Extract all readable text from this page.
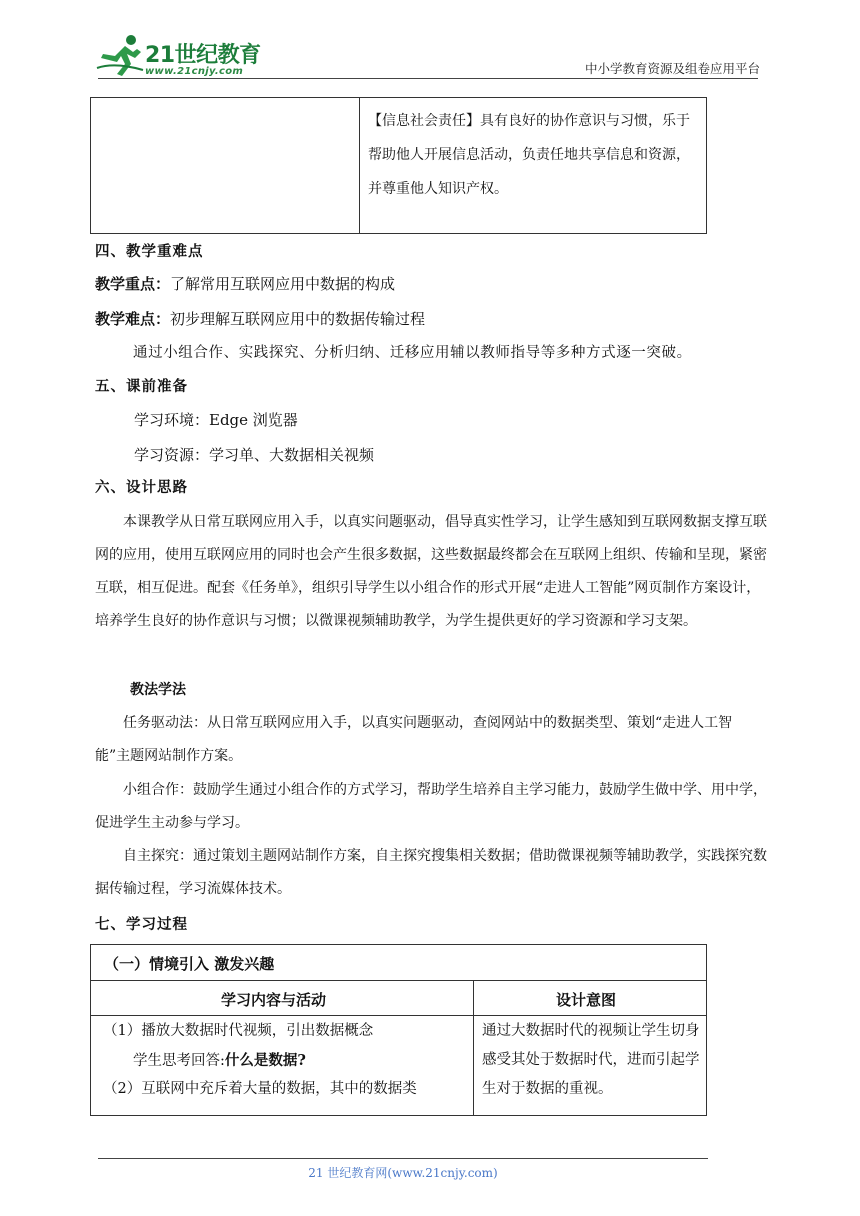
21世纪教育
www.21cnjy.com	中小学教育资源及组卷应用平台
【信息社会责任】具有良好的协作意识与习惯，乐于帮助他人开展信息活动，负责任地共享信息和资源，并尊重他人知识产权。
四、教学重难点
教学重点：了解常用互联网应用中数据的构成
教学难点：初步理解互联网应用中的数据传输过程
通过小组合作、实践探究、分析归纳、迁移应用辅以教师指导等多种方式逐一突破。
五、课前准备
学习环境：Edge 浏览器
学习资源：学习单、大数据相关视频
六、设计思路
本课教学从日常互联网应用入手，以真实问题驱动，倡导真实性学习，让学生感知到互联网数据支撑互联网的应用，使用互联网应用的同时也会产生很多数据，这些数据最终都会在互联网上组织、传输和呈现，紧密互联，相互促进。配套《任务单》，组织引导学生以小组合作的形式开展“走进人工智能”网页制作方案设计，培养学生良好的协作意识与习惯；以微课视频辅助教学，为学生提供更好的学习资源和学习支架。
教法学法
任务驱动法：从日常互联网应用入手，以真实问题驱动，查阅网站中的数据类型、策划“走进人工智能”主题网站制作方案。
小组合作：鼓励学生通过小组合作的方式学习，帮助学生培养自主学习能力，鼓励学生做中学、用中学，促进学生主动参与学习。
自主探究：通过策划主题网站制作方案，自主探究搜集相关数据；借助微课视频等辅助教学，实践探究数据传输过程，学习流媒体技术。
七、学习过程
（一）情境引入 激发兴趣
学习内容与活动	设计意图
（1）播放大数据时代视频，引出数据概念
学生思考回答:什么是数据?
（2）互联网中充斥着大量的数据，其中的数据类
通过大数据时代的视频让学生切身感受其处于数据时代，进而引起学生对于数据的重视。
21 世纪教育网(www.21cnjy.com)
